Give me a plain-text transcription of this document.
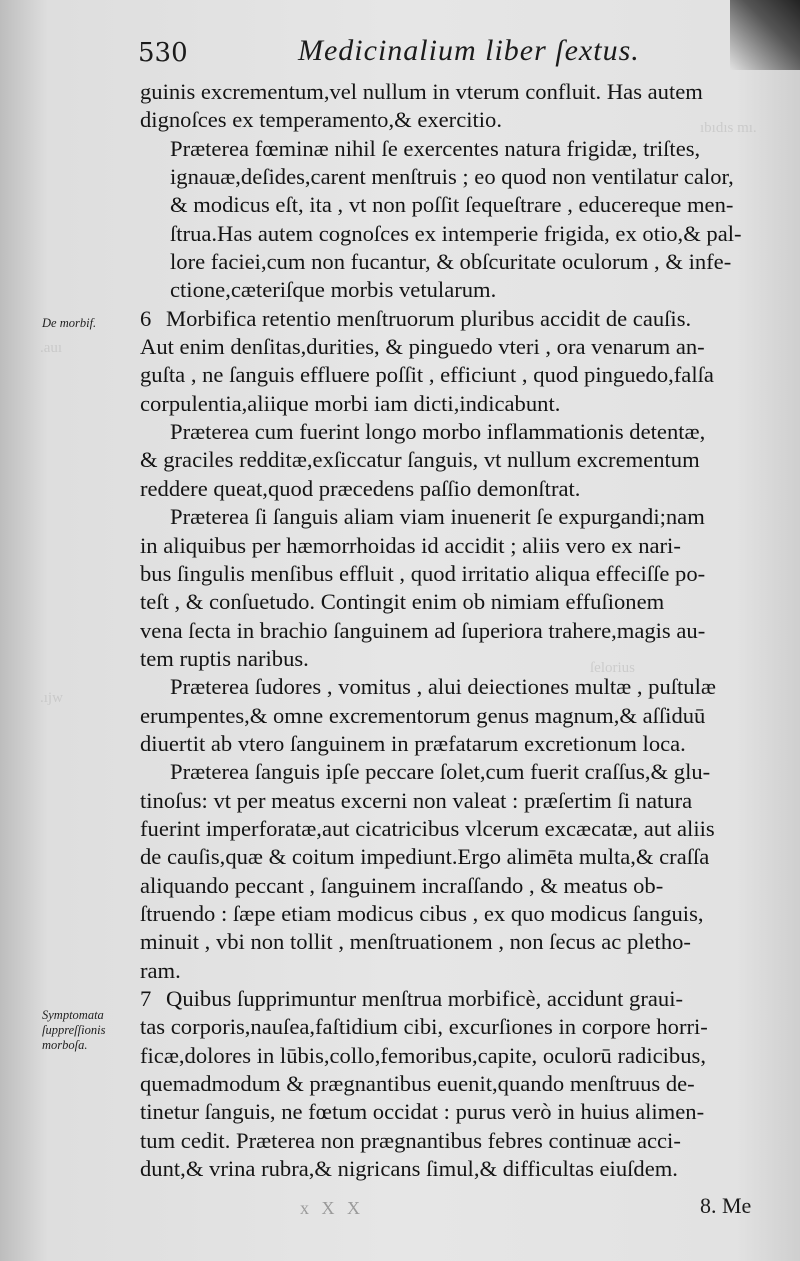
ıbıdıs mı.
.auı
.ıjw
ſelorius
530	Medicinalium liber ſextus.
De morbif.
Symptomata ſuppreſſionis morboſa.

guinis excrementum,vel nullum in vterum confluit. Has autem
dignoſces ex temperamento,& exercitio.

Præterea fœminæ nihil ſe exercentes natura frigidæ, triſtes,
ignauæ,deſides,carent menſtruis ; eo quod non ventilatur calor,
& modicus eſt, ita , vt non poſſit ſequeſtrare , educereque men-
ſtrua.Has autem cognoſces ex intemperie frigida, ex otio,& pal-
lore faciei,cum non fucantur, & obſcuritate oculorum , & infe-
ctione,cæteriſque morbis vetularum.

6 Morbifica retentio menſtruorum pluribus accidit de cauſis.
Aut enim denſitas,durities, & pinguedo vteri , ora venarum an-
guſta , ne ſanguis effluere poſſit , efficiunt , quod pinguedo,falſa
corpulentia,aliique morbi iam dicti,indicabunt.

Præterea cum fuerint longo morbo inflammationis detentæ,
& graciles redditæ,exſiccatur ſanguis, vt nullum excrementum
reddere queat,quod præcedens paſſio demonſtrat.

Præterea ſi ſanguis aliam viam inuenerit ſe expurgandi;nam
in aliquibus per hæmorrhoidas id accidit ; aliis vero ex nari-
bus ſingulis menſibus effluit , quod irritatio aliqua effeciſſe po-
teſt , & conſuetudo. Contingit enim ob nimiam effuſionem
vena ſecta in brachio ſanguinem ad ſuperiora trahere,magis au-
tem ruptis naribus.

Præterea ſudores , vomitus , alui deiectiones multæ , puſtulæ
erumpentes,& omne excrementorum genus magnum,& aſſiduū
diuertit ab vtero ſanguinem in præfatarum excretionum loca.

Præterea ſanguis ipſe peccare ſolet,cum fuerit craſſus,& glu-
tinoſus: vt per meatus excerni non valeat : præſertim ſi natura
fuerint imperforatæ,aut cicatricibus vlcerum excæcatæ, aut aliis
de cauſis,quæ & coitum impediunt.Ergo alimēta multa,& craſſa
aliquando peccant , ſanguinem incraſſando , & meatus ob-
ſtruendo : ſæpe etiam modicus cibus , ex quo modicus ſanguis,
minuit , vbi non tollit , menſtruationem , non ſecus ac pletho-
ram.

7 Quibus ſupprimuntur menſtrua morbificè, accidunt graui-
tas corporis,nauſea,faſtidium cibi, excurſiones in corpore horri-
ficæ,dolores in lūbis,collo,femoribus,capite, oculorū radicibus,
quemadmodum & prægnantibus euenit,quando menſtruus de-
tinetur ſanguis, ne fœtum occidat : purus verò in huius alimen-
tum cedit. Præterea non prægnantibus febres continuæ acci-
dunt,& vrina rubra,& nigricans ſimul,& difficultas eiuſdem.

x X X	8. Me
